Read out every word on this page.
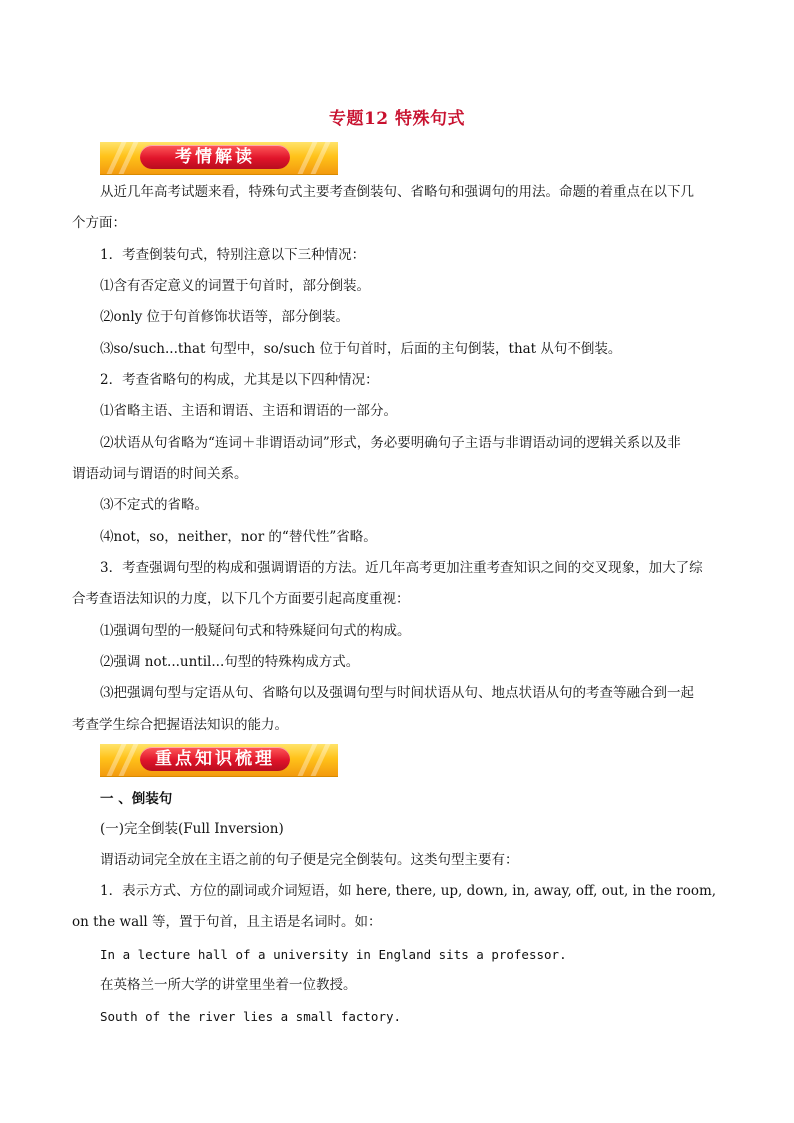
专题12 特殊句式
考情解读

从近几年高考试题来看，特殊句式主要考查倒装句、省略句和强调句的用法。命题的着重点在以下几

个方面：

1．考查倒装句式，特别注意以下三种情况：

⑴含有否定意义的词置于句首时，部分倒装。

⑵only 位于句首修饰状语等，部分倒装。

⑶so/such...that 句型中，so/such 位于句首时，后面的主句倒装，that 从句不倒装。

2．考查省略句的构成，尤其是以下四种情况：

⑴省略主语、主语和谓语、主语和谓语的一部分。

⑵状语从句省略为“连词＋非谓语动词”形式，务必要明确句子主语与非谓语动词的逻辑关系以及非

谓语动词与谓语的时间关系。

⑶不定式的省略。

⑷not，so，neither，nor 的“替代性”省略。

3．考查强调句型的构成和强调谓语的方法。近几年高考更加注重考查知识之间的交叉现象，加大了综

合考查语法知识的力度，以下几个方面要引起高度重视：

⑴强调句型的一般疑问句式和特殊疑问句式的构成。

⑵强调 not...until...句型的特殊构成方式。

⑶把强调句型与定语从句、省略句以及强调句型与时间状语从句、地点状语从句的考查等融合到一起

考查学生综合把握语法知识的能力。

重点知识梳理

一 、倒装句

(一)完全倒装(Full Inversion)

谓语动词完全放在主语之前的句子便是完全倒装句。这类句型主要有：

1．表示方式、方位的副词或介词短语，如 here, there, up, down, in, away, off, out, in the room,

on the wall 等，置于句首，且主语是名词时。如：

In a lecture hall of a university in England sits a professor.

在英格兰一所大学的讲堂里坐着一位教授。

South of the river lies a small factory.
